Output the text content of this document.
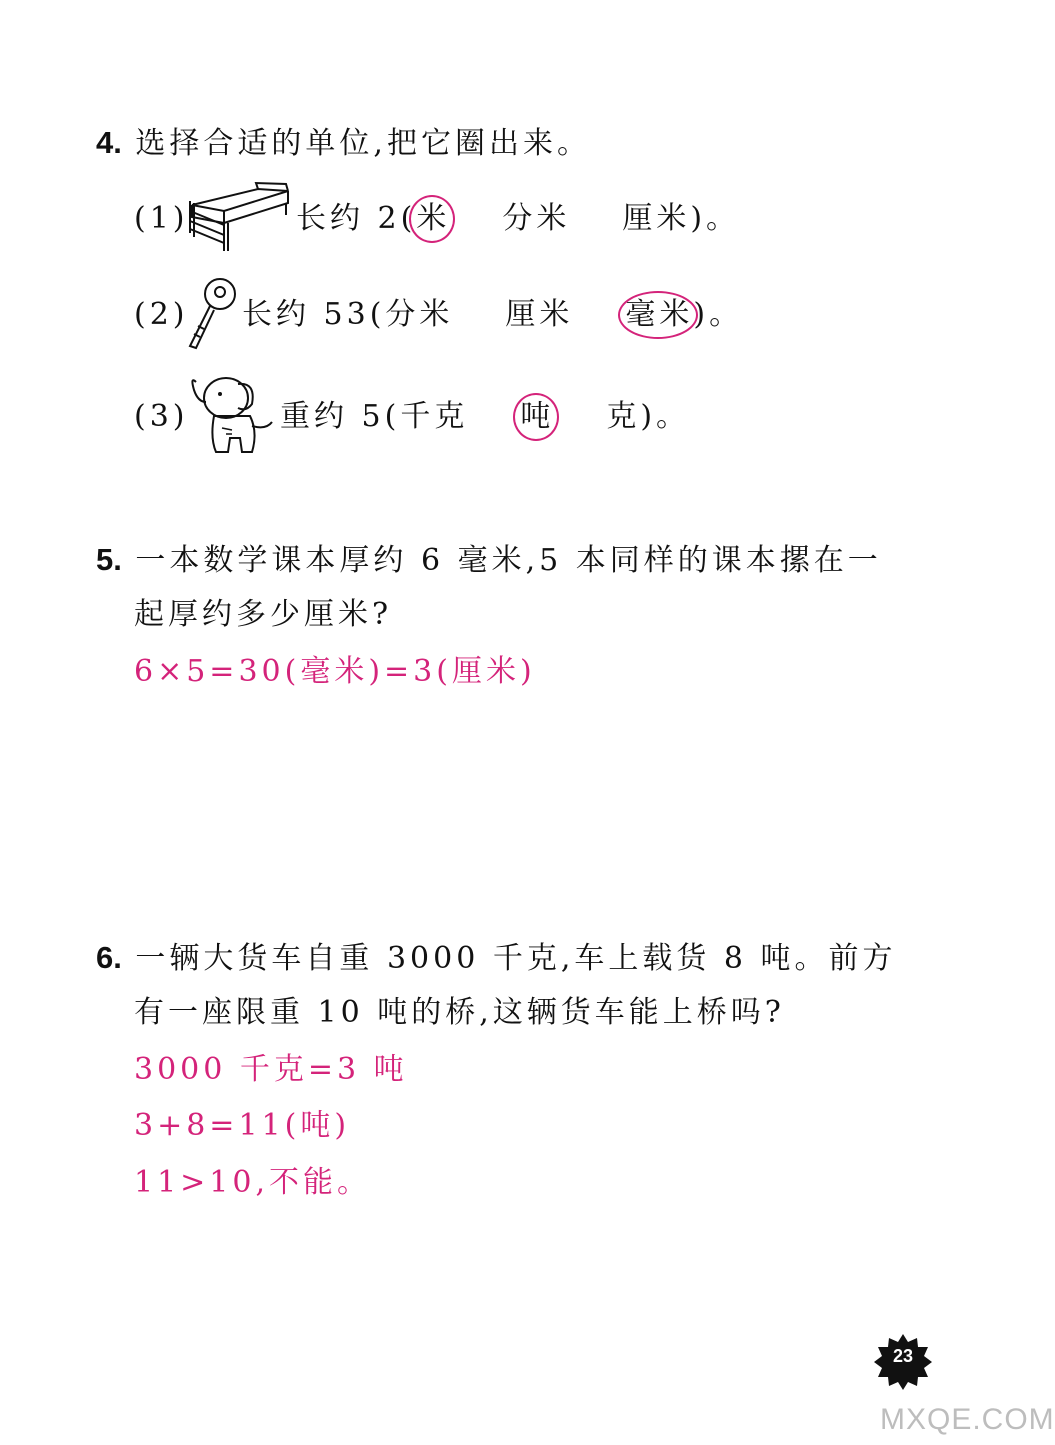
4. 选择合适的单位,把它圈出来。
(1)	长约 2(米 分米 厘米)。
(2) 长约 53(分米 厘米 毫米)。
(3)	重约 5(千克 吨 克)。
5. 一本数学课本厚约 6 毫米,5 本同样的课本摞在一
起厚约多少厘米?
6×5=30(毫米)=3(厘米)
6. 一辆大货车自重 3000 千克,车上载货 8 吨。前方
有一座限重 10 吨的桥,这辆货车能上桥吗?
3000 千克=3 吨
3+8=11(吨)
11>10,不能。
23
MXQE.COM
